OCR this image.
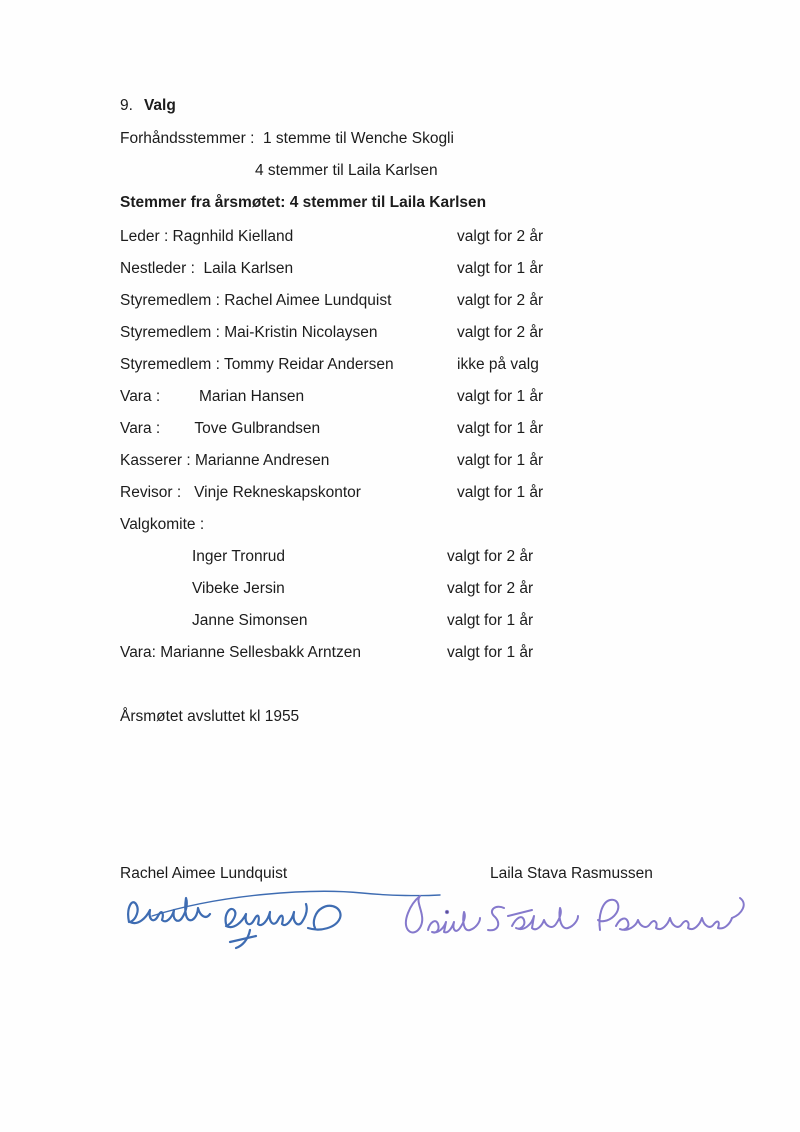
9. Valg
Forhåndsstemmer :  1 stemme til Wenche Skogli
4 stemmer til Laila Karlsen
Stemmer fra årsmøtet: 4 stemmer til Laila Karlsen
Leder : Ragnhild Kielland	valgt for 2 år
Nestleder :  Laila Karlsen	valgt for 1 år
Styremedlem : Rachel Aimee Lundquist	valgt for 2 år
Styremedlem : Mai-Kristin Nicolaysen	valgt for 2 år
Styremedlem : Tommy Reidar Andersen	ikke på valg
Vara :         Marian Hansen	valgt for 1 år
Vara :        Tove Gulbrandsen	valgt for 1 år
Kasserer : Marianne Andresen	valgt for 1 år
Revisor :   Vinje Rekneskapskontor	valgt for 1 år
Valgkomite :
Inger Tronrud	valgt for 2 år
Vibeke Jersin	valgt for 2 år
Janne Simonsen	valgt for 1 år
Vara: Marianne Sellesbakk Arntzen	valgt for 1 år
Årsmøtet avsluttet kl 1955
Rachel Aimee Lundquist	Laila Stava Rasmussen
